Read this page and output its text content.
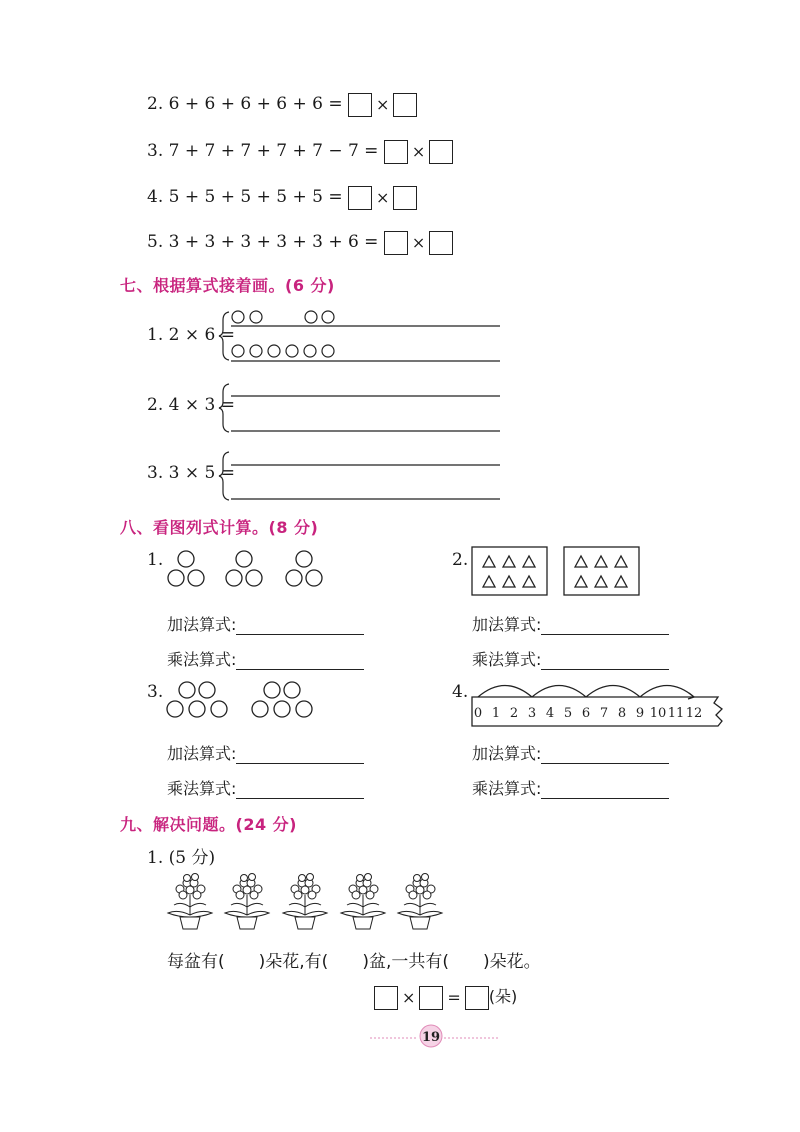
2. 6 + 6 + 6 + 6 + 6 = ×
3. 7 + 7 + 7 + 7 + 7 − 7 = ×
4. 5 + 5 + 5 + 5 + 5 = ×
5. 3 + 3 + 3 + 3 + 3 + 6 = ×
七、根据算式接着画。(6 分)
1. 2 × 6 =
2. 4 × 3 =
3. 3 × 5 =
八、看图列式计算。(8 分)
1.	2.
3.	4.
0 1 2 3 4 5 6 7 8 9 10 11 12
加法算式:
乘法算式:
加法算式:
乘法算式:
加法算式:
乘法算式:
加法算式:
乘法算式:
九、解决问题。(24 分)
1. (5 分)
每盆有( )朵花,有( )盆,一共有( )朵花。
× = (朵)
19
